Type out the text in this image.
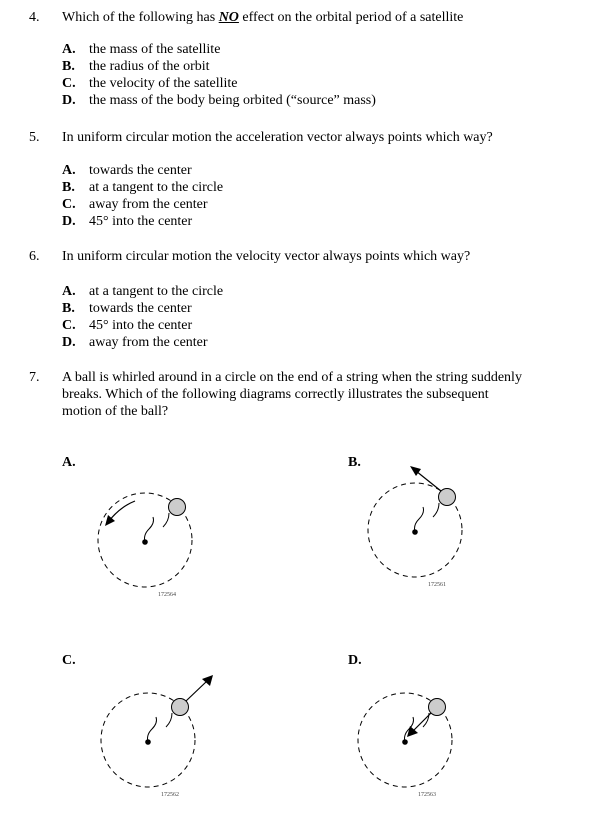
4. Which of the following has NO effect on the orbital period of a satellite
A. the mass of the satellite
B. the radius of the orbit
C. the velocity of the satellite
D. the mass of the body being orbited (“source” mass)
5. In uniform circular motion the acceleration vector always points which way?
A. towards the center
B. at a tangent to the circle
C. away from the center
D. 45° into the center
6. In uniform circular motion the velocity vector always points which way?
A. at a tangent to the circle
B. towards the center
C. 45° into the center
D. away from the center
7. A ball is whirled around in a circle on the end of a string when the string suddenly
breaks. Which of the following diagrams correctly illustrates the subsequent
motion of the ball?
A.	B.
C.	D.
172564
172561
172562	172563
